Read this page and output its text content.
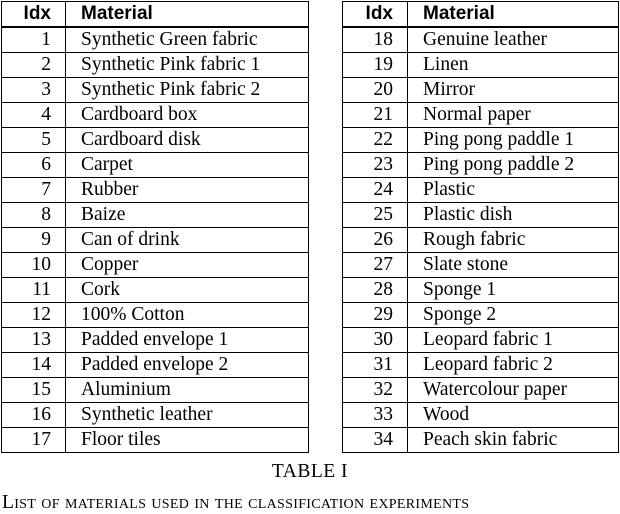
Idx	Material
1	Synthetic Green fabric
2	Synthetic Pink fabric 1
3	Synthetic Pink fabric 2
4	Cardboard box
5	Cardboard disk
6	Carpet
7	Rubber
8	Baize
9	Can of drink
10	Copper
11	Cork
12	100% Cotton
13	Padded envelope 1
14	Padded envelope 2
15	Aluminium
16	Synthetic leather
17	Floor tiles
Idx	Material
18	Genuine leather
19	Linen
20	Mirror
21	Normal paper
22	Ping pong paddle 1
23	Ping pong paddle 2
24	Plastic
25	Plastic dish
26	Rough fabric
27	Slate stone
28	Sponge 1
29	Sponge 2
30	Leopard fabric 1
31	Leopard fabric 2
32	Watercolour paper
33	Wood
34	Peach skin fabric
TABLE I
List of materials used in the classification experiments
